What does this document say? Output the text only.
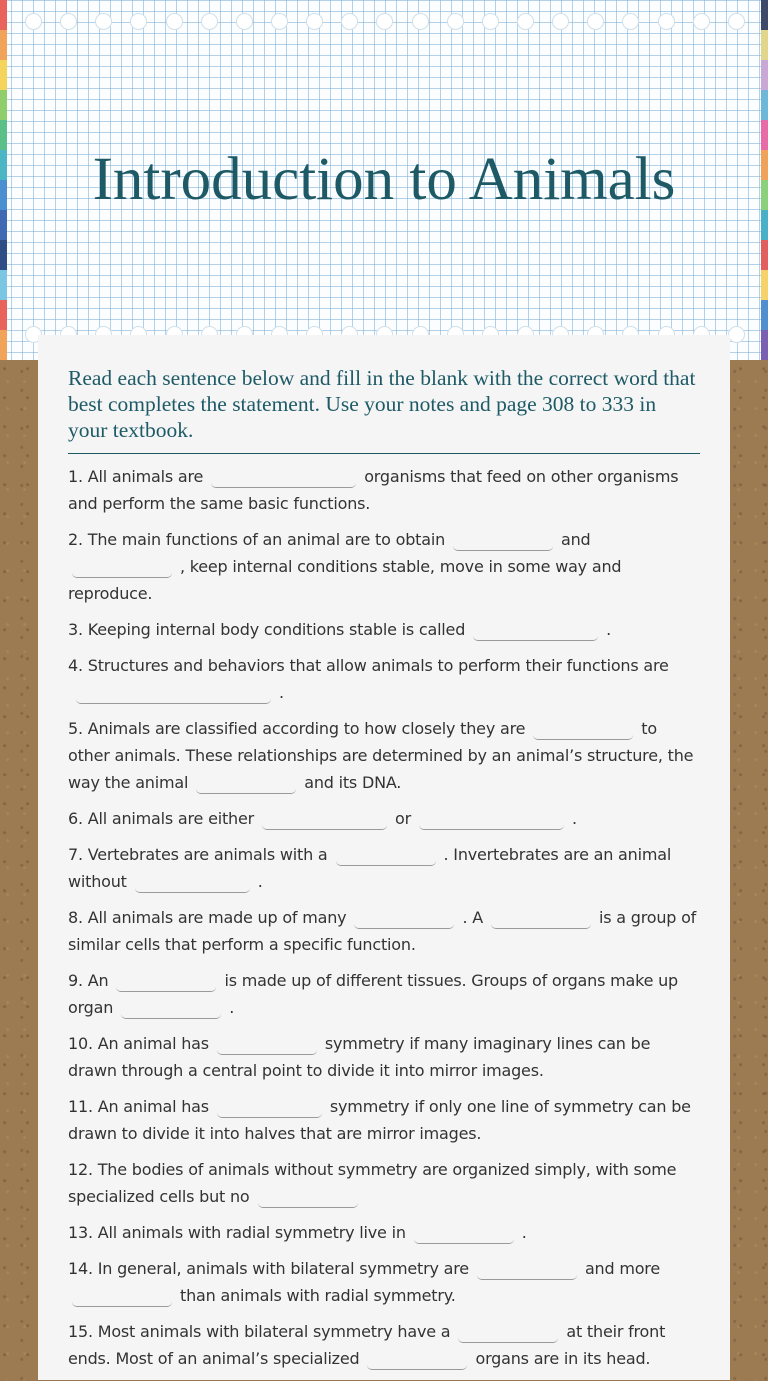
Introduction to Animals
Read each sentence below and fill in the blank with the correct word that best completes the statement. Use your notes and page 308 to 333 in your textbook.

1. All animals are	organisms that feed on other organisms and perform the same basic functions.

2. The main functions of an animal are to obtain	and , keep internal conditions stable, move in some way and reproduce.

3. Keeping internal body conditions stable is called	.

4. Structures and behaviors that allow animals to perform their functions are.

5. Animals are classified according to how closely they are	to other animals. These relationships are determined by an animal’s structure, the way the animal	and its DNA.

6. All animals are either	or	.

7. Vertebrates are animals with a	. Invertebrates are an animal without	.

8. All animals are made up of many	. A	is a group of similar cells that perform a specific function.

9. An	is made up of different tissues. Groups of organs make up organ	.

10. An animal has	symmetry if many imaginary lines can be drawn through a central point to divide it into mirror images.

11. An animal has	symmetry if only one line of symmetry can be drawn to divide it into halves that are mirror images.

12. The bodies of animals without symmetry are organized simply, with some specialized cells but no

13. All animals with radial symmetry live in	.

14. In general, animals with bilateral symmetry are	and more than animals with radial symmetry.

15. Most animals with bilateral symmetry have a	at their front ends. Most of an animal’s specialized	organs are in its head.
